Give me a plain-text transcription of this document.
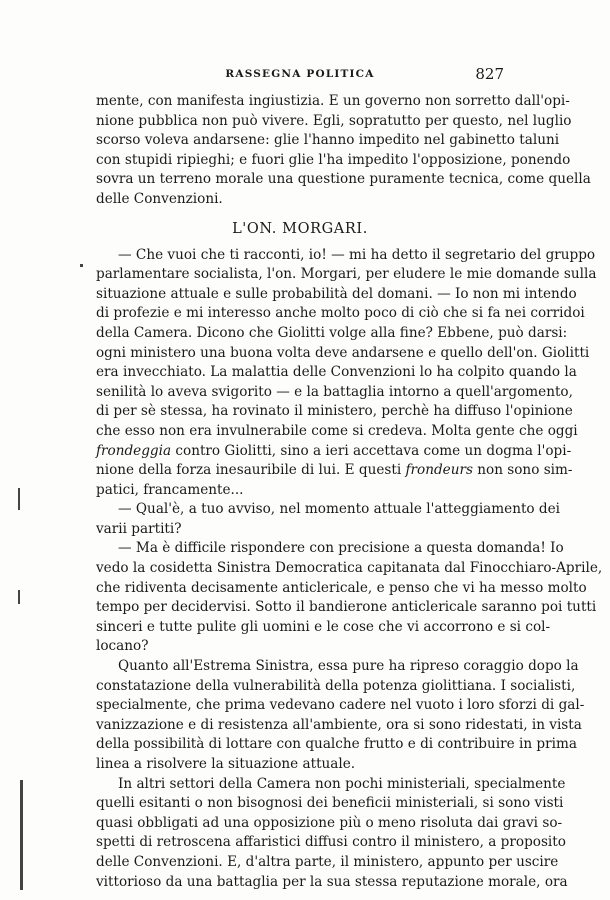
RASSEGNA POLITICA	827
mente, con manifesta ingiustizia. E un governo non sorretto dall'opi-
nione pubblica non può vivere. Egli, sopratutto per questo, nel luglio
scorso voleva andarsene: glie l'hanno impedito nel gabinetto taluni
con stupidi ripieghi; e fuori glie l'ha impedito l'opposizione, ponendo
sovra un terreno morale una questione puramente tecnica, come quella
delle Convenzioni.
L'ON. MORGARI.
— Che vuoi che ti racconti, io! — mi ha detto il segretario del gruppo
parlamentare socialista, l'on. Morgari, per eludere le mie domande sulla
situazione attuale e sulle probabilità del domani. — Io non mi intendo
di profezie e mi interesso anche molto poco di ciò che si fa nei corridoi
della Camera. Dicono che Giolitti volge alla fine? Ebbene, può darsi:
ogni ministero una buona volta deve andarsene e quello dell'on. Giolitti
era invecchiato. La malattia delle Convenzioni lo ha colpito quando la
senilità lo aveva svigorito — e la battaglia intorno a quell'argomento,
di per sè stessa, ha rovinato il ministero, perchè ha diffuso l'opinione
che esso non era invulnerabile come si credeva. Molta gente che oggi
frondeggia contro Giolitti, sino a ieri accettava come un dogma l'opi-
nione della forza inesauribile di lui. E questi frondeurs non sono sim-
patici, francamente...
— Qual'è, a tuo avviso, nel momento attuale l'atteggiamento dei
varii partiti?
— Ma è difficile rispondere con precisione a questa domanda! Io
vedo la cosidetta Sinistra Democratica capitanata dal Finocchiaro-Aprile,
che ridiventa decisamente anticlericale, e penso che vi ha messo molto
tempo per decidervisi. Sotto il bandierone anticlericale saranno poi tutti
sinceri e tutte pulite gli uomini e le cose che vi accorrono e si col-
locano?
Quanto all'Estrema Sinistra, essa pure ha ripreso coraggio dopo la
constatazione della vulnerabilità della potenza giolittiana. I socialisti,
specialmente, che prima vedevano cadere nel vuoto i loro sforzi di gal-
vanizzazione e di resistenza all'ambiente, ora si sono ridestati, in vista
della possibilità di lottare con qualche frutto e di contribuire in prima
linea a risolvere la situazione attuale.
In altri settori della Camera non pochi ministeriali, specialmente
quelli esitanti o non bisognosi dei beneficii ministeriali, si sono visti
quasi obbligati ad una opposizione più o meno risoluta dai gravi so-
spetti di retroscena affaristici diffusi contro il ministero, a proposito
delle Convenzioni. E, d'altra parte, il ministero, appunto per uscire
vittorioso da una battaglia per la sua stessa reputazione morale, ora
